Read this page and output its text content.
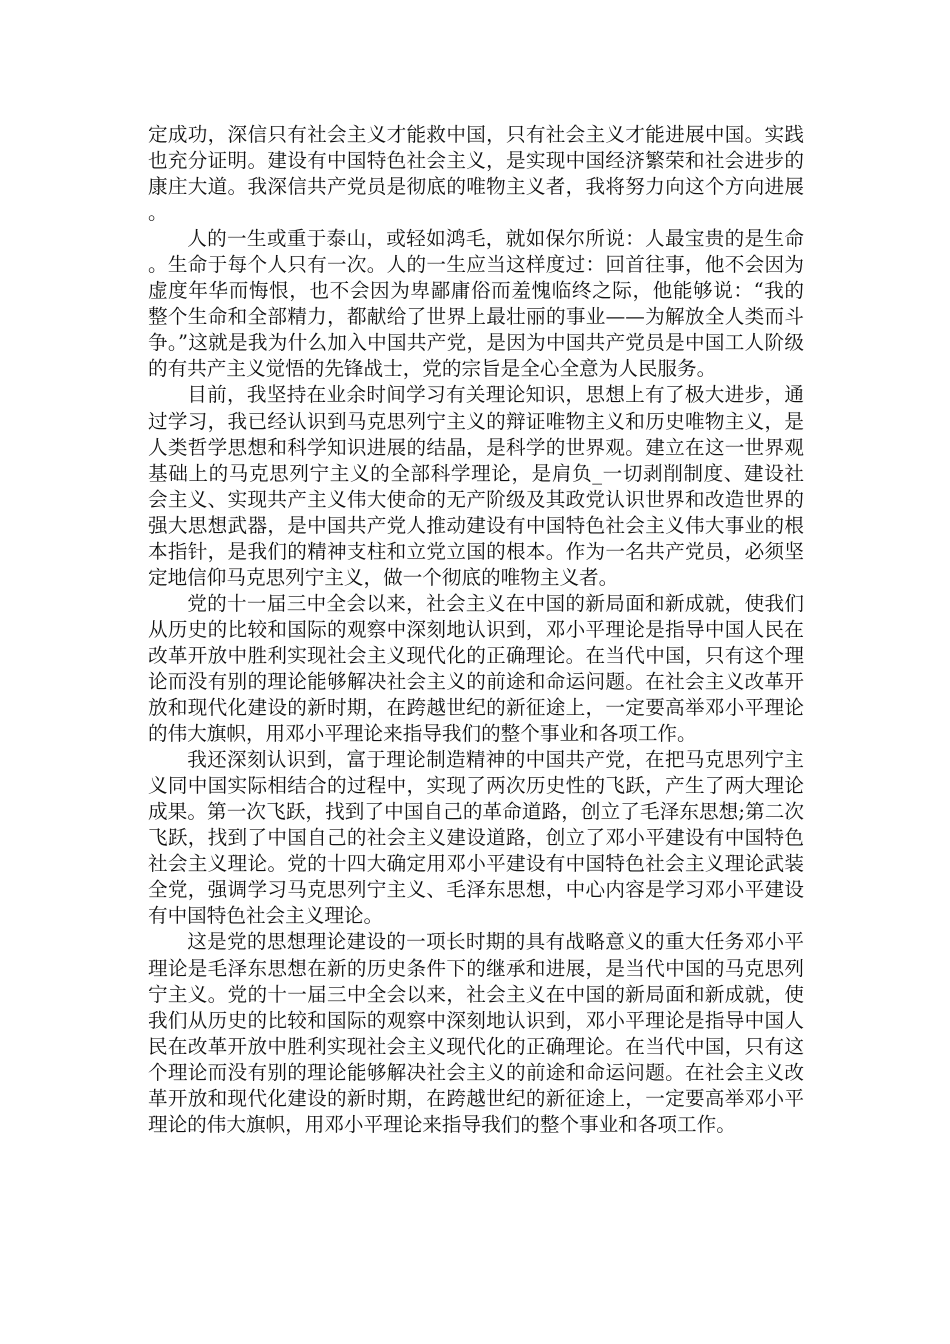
定成功，深信只有社会主义才能救中国，只有社会主义才能进展中国。实践也充分证明。建设有中国特色社会主义，是实现中国经济繁荣和社会进步的康庄大道。我深信共产党员是彻底的唯物主义者，我将努力向这个方向进展。

人的一生或重于泰山，或轻如鸿毛，就如保尔所说：人最宝贵的是生命。生命于每个人只有一次。人的一生应当这样度过：回首往事，他不会因为虚度年华而悔恨，也不会因为卑鄙庸俗而羞愧临终之际，他能够说：“我的整个生命和全部精力，都献给了世界上最壮丽的事业——为解放全人类而斗争。”这就是我为什么加入中国共产党，是因为中国共产党员是中国工人阶级的有共产主义觉悟的先锋战士，党的宗旨是全心全意为人民服务。

目前，我坚持在业余时间学习有关理论知识，思想上有了极大进步，通过学习，我已经认识到马克思列宁主义的辩证唯物主义和历史唯物主义，是人类哲学思想和科学知识进展的结晶，是科学的世界观。建立在这一世界观基础上的马克思列宁主义的全部科学理论，是肩负_一切剥削制度、建设社会主义、实现共产主义伟大使命的无产阶级及其政党认识世界和改造世界的强大思想武器，是中国共产党人推动建设有中国特色社会主义伟大事业的根本指针，是我们的精神支柱和立党立国的根本。作为一名共产党员，必须坚定地信仰马克思列宁主义，做一个彻底的唯物主义者。

党的十一届三中全会以来，社会主义在中国的新局面和新成就，使我们从历史的比较和国际的观察中深刻地认识到，邓小平理论是指导中国人民在改革开放中胜利实现社会主义现代化的正确理论。在当代中国，只有这个理论而没有别的理论能够解决社会主义的前途和命运问题。在社会主义改革开放和现代化建设的新时期，在跨越世纪的新征途上，一定要高举邓小平理论的伟大旗帜，用邓小平理论来指导我们的整个事业和各项工作。

我还深刻认识到，富于理论制造精神的中国共产党，在把马克思列宁主义同中国实际相结合的过程中，实现了两次历史性的飞跃，产生了两大理论成果。第一次飞跃，找到了中国自己的革命道路，创立了毛泽东思想;第二次飞跃，找到了中国自己的社会主义建设道路，创立了邓小平建设有中国特色社会主义理论。党的十四大确定用邓小平建设有中国特色社会主义理论武装全党，强调学习马克思列宁主义、毛泽东思想，中心内容是学习邓小平建设有中国特色社会主义理论。

这是党的思想理论建设的一项长时期的具有战略意义的重大任务邓小平理论是毛泽东思想在新的历史条件下的继承和进展，是当代中国的马克思列宁主义。党的十一届三中全会以来，社会主义在中国的新局面和新成就，使我们从历史的比较和国际的观察中深刻地认识到，邓小平理论是指导中国人民在改革开放中胜利实现社会主义现代化的正确理论。在当代中国，只有这个理论而没有别的理论能够解决社会主义的前途和命运问题。在社会主义改革开放和现代化建设的新时期，在跨越世纪的新征途上，一定要高举邓小平理论的伟大旗帜，用邓小平理论来指导我们的整个事业和各项工作。
